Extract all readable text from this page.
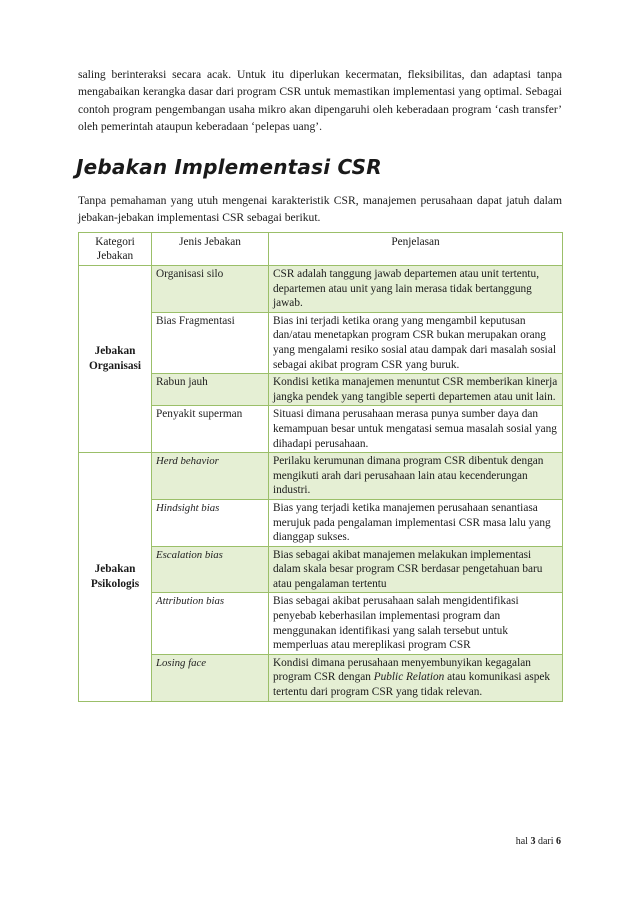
saling berinteraksi secara acak. Untuk itu diperlukan kecermatan, fleksibilitas, dan adaptasi tanpa mengabaikan kerangka dasar dari program CSR untuk memastikan implementasi yang optimal. Sebagai contoh program pengembangan usaha mikro akan dipengaruhi oleh keberadaan program ‘cash transfer’ oleh pemerintah ataupun keberadaan ‘pelepas uang’.

Jebakan Implementasi CSR

Tanpa pemahaman yang utuh mengenai karakteristik CSR, manajemen perusahaan dapat jatuh dalam jebakan-jebakan implementasi CSR sebagai berikut.

Kategori Jebakan	Jenis Jebakan	Penjelasan
Jebakan Organisasi	Organisasi silo	CSR adalah tanggung jawab departemen atau unit tertentu, departemen atau unit yang lain merasa tidak bertanggung jawab.
	Bias Fragmentasi	Bias ini terjadi ketika orang yang mengambil keputusan dan/atau menetapkan program CSR bukan merupakan orang yang mengalami resiko sosial atau dampak dari masalah sosial sebagai akibat program CSR yang buruk.
	Rabun jauh	Kondisi ketika manajemen menuntut CSR memberikan kinerja jangka pendek yang tangible seperti departemen atau unit lain.
	Penyakit superman	Situasi dimana perusahaan merasa punya sumber daya dan kemampuan besar untuk mengatasi semua masalah sosial yang dihadapi perusahaan.
Jebakan Psikologis	Herd behavior	Perilaku kerumunan dimana program CSR dibentuk dengan mengikuti arah dari perusahaan lain atau kecenderungan industri.
	Hindsight bias	Bias yang terjadi ketika manajemen perusahaan senantiasa merujuk pada pengalaman implementasi CSR masa lalu yang dianggap sukses.
	Escalation bias	Bias sebagai akibat manajemen melakukan implementasi dalam skala besar program CSR berdasar pengetahuan baru atau pengalaman tertentu
	Attribution bias	Bias sebagai akibat perusahaan salah mengidentifikasi penyebab keberhasilan implementasi program dan menggunakan identifikasi yang salah tersebut untuk memperluas atau mereplikasi program CSR
	Losing face	Kondisi dimana perusahaan menyembunyikan kegagalan program CSR dengan Public Relation atau komunikasi aspek tertentu dari program CSR yang tidak relevan.
hal 3 dari 6
